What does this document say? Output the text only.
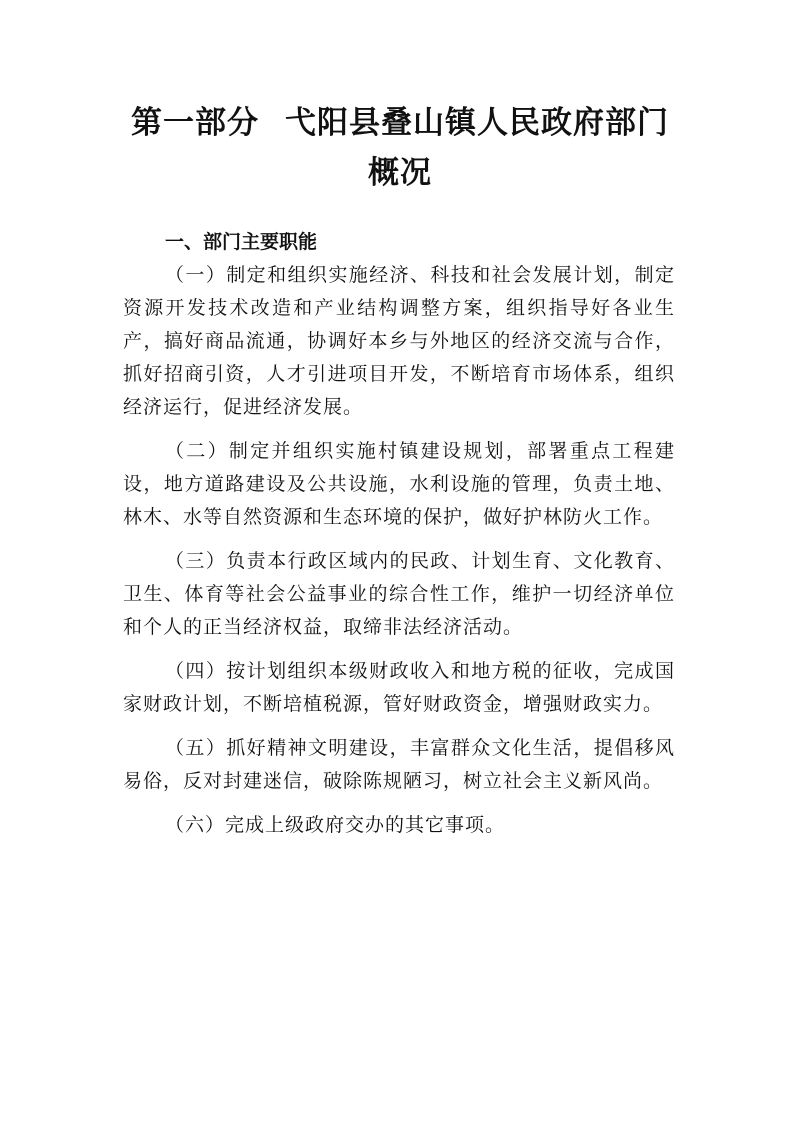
第一部分 弋阳县叠山镇人民政府部门概况

一、部门主要职能

（一）制定和组织实施经济、科技和社会发展计划，制定资源开发技术改造和产业结构调整方案，组织指导好各业生产，搞好商品流通，协调好本乡与外地区的经济交流与合作，抓好招商引资，人才引进项目开发，不断培育市场体系，组织经济运行，促进经济发展。

（二）制定并组织实施村镇建设规划，部署重点工程建设，地方道路建设及公共设施，水利设施的管理，负责土地、林木、水等自然资源和生态环境的保护，做好护林防火工作。

（三）负责本行政区域内的民政、计划生育、文化教育、卫生、体育等社会公益事业的综合性工作，维护一切经济单位和个人的正当经济权益，取缔非法经济活动。

（四）按计划组织本级财政收入和地方税的征收，完成国家财政计划，不断培植税源，管好财政资金，增强财政实力。

（五）抓好精神文明建设，丰富群众文化生活，提倡移风易俗，反对封建迷信，破除陈规陋习，树立社会主义新风尚。

（六）完成上级政府交办的其它事项。
